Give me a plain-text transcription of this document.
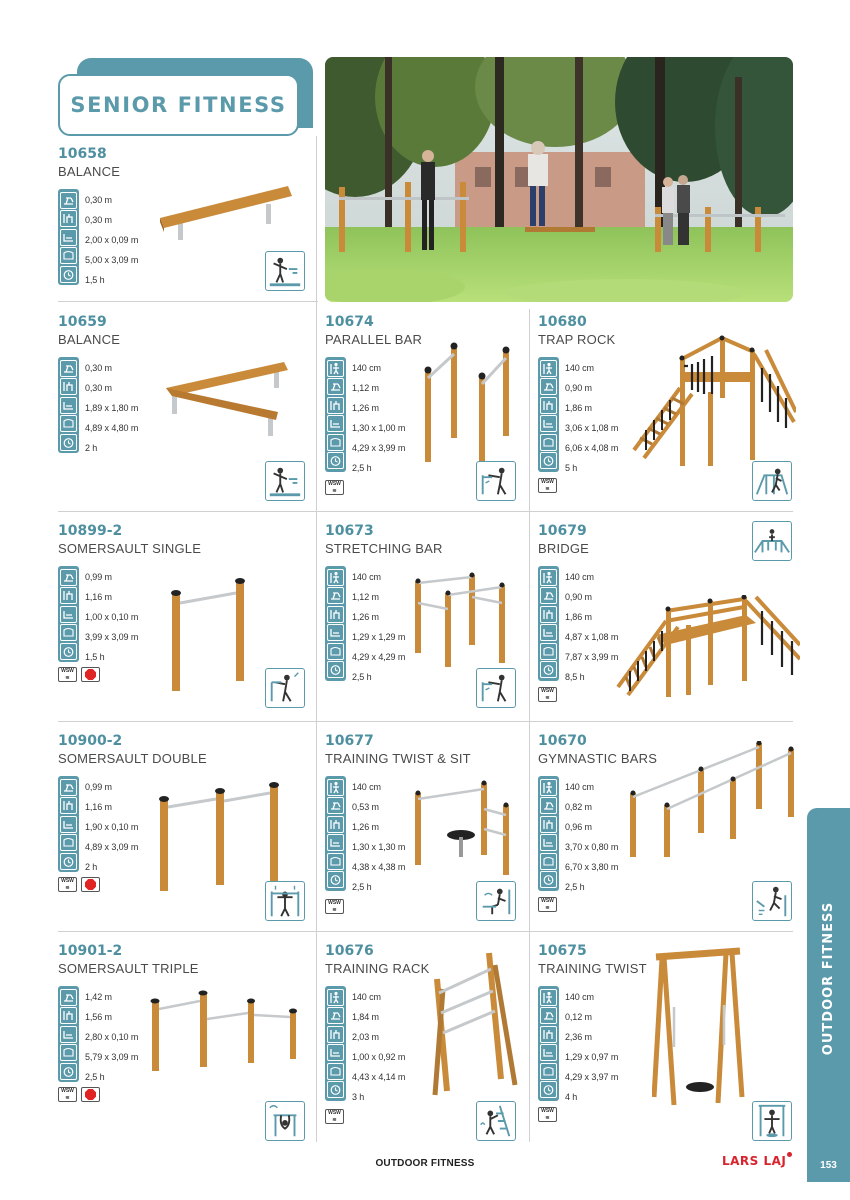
SENIOR FITNESS
10658
BALANCE
0,30 m
0,30 m
2,00 x 0,09 m
5,00 x 3,09 m
1,5 h
10659
BALANCE
0,30 m
0,30 m
1,89 x 1,80 m
4,89 x 4,80 m
2 h
10674
PARALLEL BAR
140 cm
1,12 m
1,26 m
1,30 x 1,00 m
4,29 x 3,99 m
2,5 h
WSW
≋
10680
TRAP ROCK
140 cm
0,90 m
1,86 m
3,06 x 1,08 m
6,06 x 4,08 m
5 h
WSW
≋
10899-2
SOMERSAULT SINGLE
0,99 m
1,16 m
1,00 x 0,10 m
3,99 x 3,09 m
1,5 h
WSW
≋
10673
STRETCHING BAR
140 cm
1,12 m
1,26 m
1,29 x 1,29 m
4,29 x 4,29 m
2,5 h
10679
BRIDGE
140 cm
0,90 m
1,86 m
4,87 x 1,08 m
7,87 x 3,99 m
8,5 h
WSW
≋
10900-2
SOMERSAULT DOUBLE
0,99 m
1,16 m
1,90 x 0,10 m
4,89 x 3,09 m
2 h
WSW
≋
10677
TRAINING TWIST & SIT
140 cm
0,53 m
1,26 m
1,30 x 1,30 m
4,38 x 4,38 m
2,5 h
WSW
≋
10670
GYMNASTIC BARS
140 cm
0,82 m
0,96 m
3,70 x 0,80 m
6,70 x 3,80 m
2,5 h
WSW
≋
10901-2
SOMERSAULT TRIPLE
1,42 m
1,56 m
2,80 x 0,10 m
5,79 x 3,09 m
2,5 h
WSW
≋
10676
TRAINING RACK
140 cm
1,84 m
2,03 m
1,00 x 0,92 m
4,43 x 4,14 m
3 h
WSW
≋
10675
TRAINING TWIST
140 cm
0,12 m
2,36 m
1,29 x 0,97 m
4,29 x 3,97 m
4 h
WSW
≋
OUTDOOR FITNESS
153
OUTDOOR FITNESS	LARS LAJ
